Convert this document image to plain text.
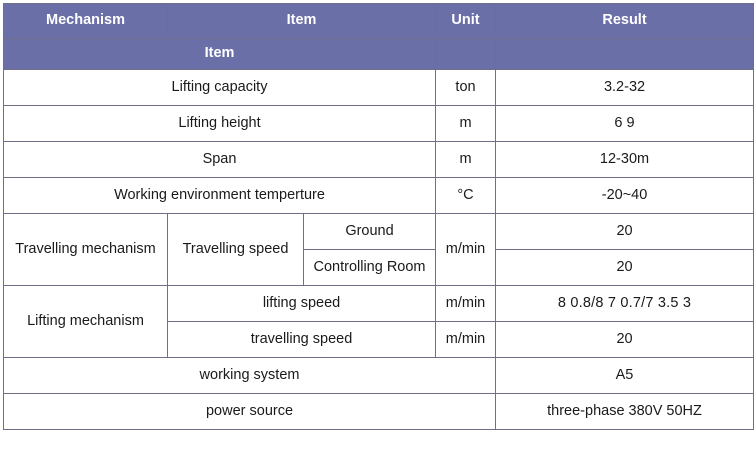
Mechanism	Item		Unit	Result
Item				
Lifting capacity			ton	3.2-32
Lifting height			m	6 9
Span			m	12-30m
Working environment temperture			°C	-20~40
Travelling mechanism	Travelling speed	Ground	m/min	20
		Controlling Room		20
Lifting mechanism	lifting speed		m/min	8 0.8/8 7 0.7/7 3.5 3
	travelling speed		m/min	20
working system				A5
power source				three-phase 380V 50HZ
